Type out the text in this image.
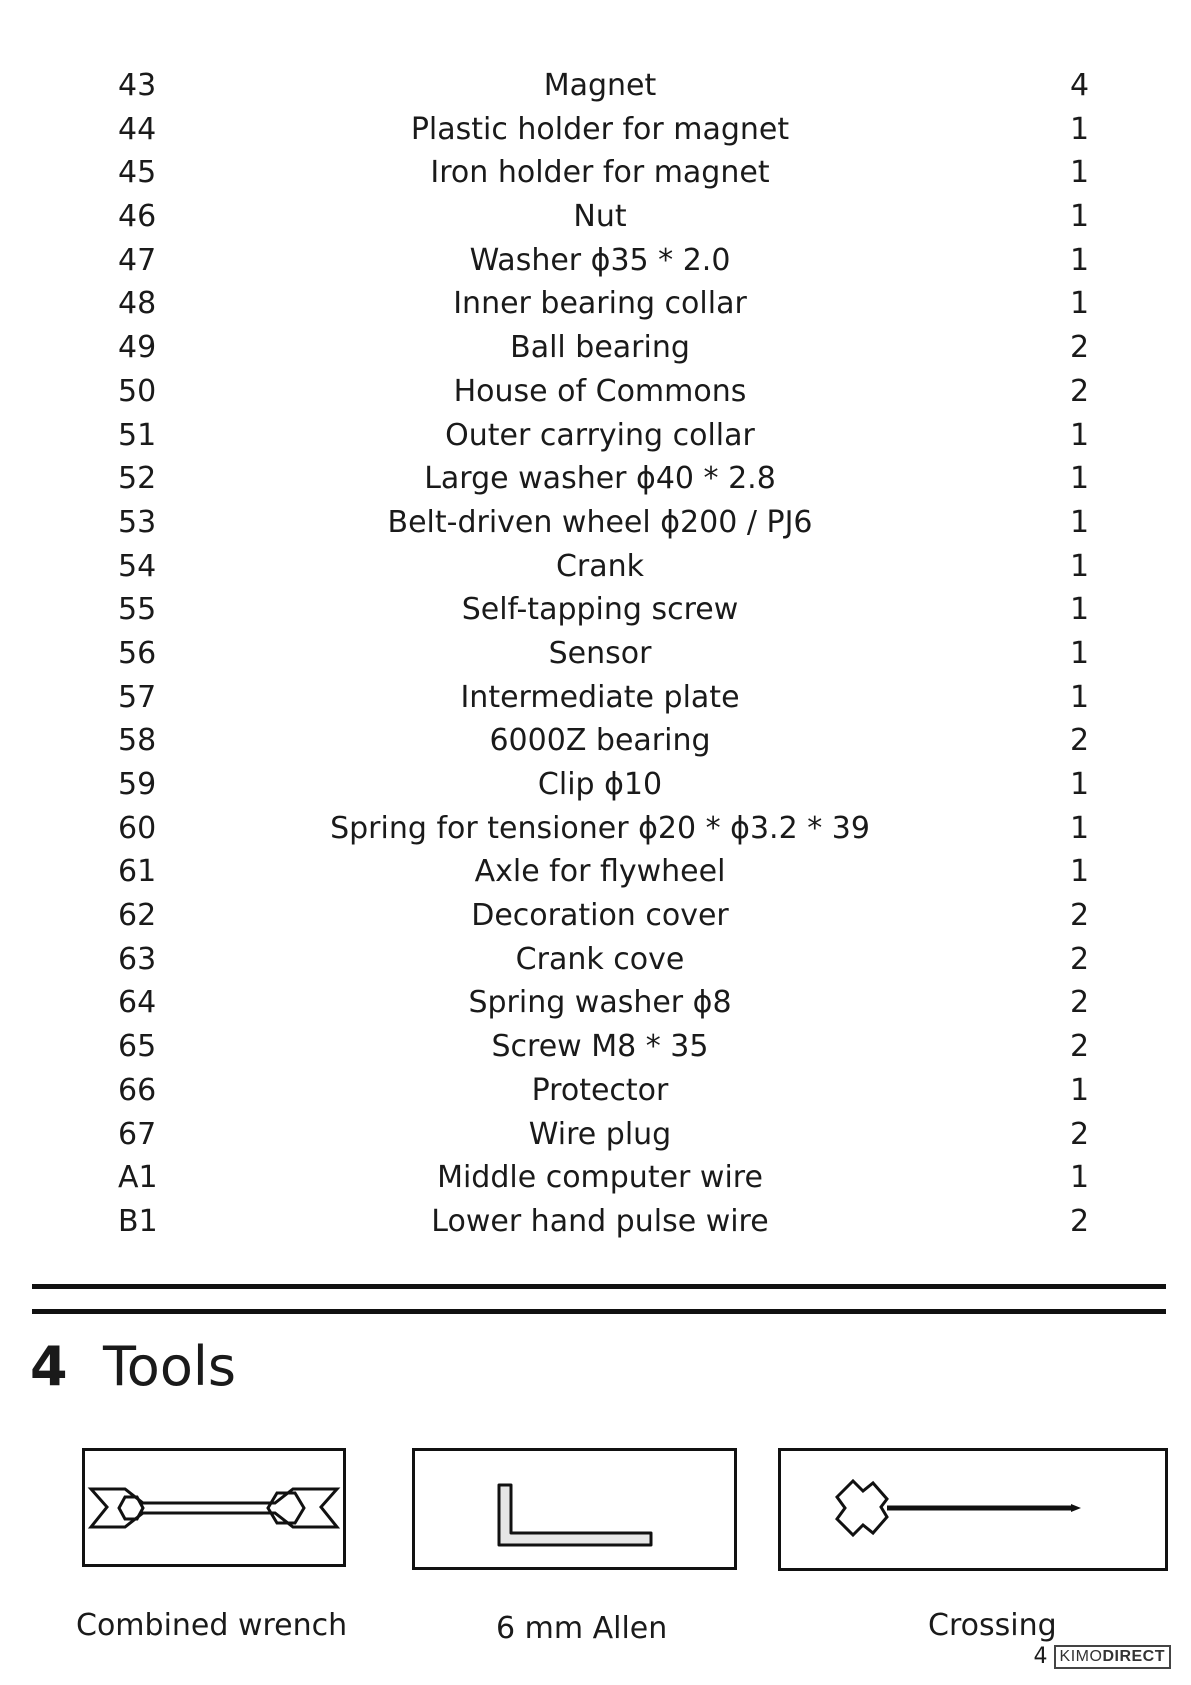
43	Magnet	4
44	Plastic holder for magnet	1
45	Iron holder for magnet	1
46	Nut	1
47	Washer ϕ35 * 2.0	1
48	Inner bearing collar	1
49	Ball bearing	2
50	House of Commons	2
51	Outer carrying collar	1
52	Large washer ϕ40 * 2.8	1
53	Belt-driven wheel ϕ200 / PJ6	1
54	Crank	1
55	Self-tapping screw	1
56	Sensor	1
57	Intermediate plate	1
58	6000Z bearing	2
59	Clip ϕ10	1
60	Spring for tensioner ϕ20 * ϕ3.2 * 39	1
61	Axle for flywheel	1
62	Decoration cover	2
63	Crank cove	2
64	Spring washer ϕ8	2
65	Screw M8 * 35	2
66	Protector	1
67	Wire plug	2
A1	Middle computer wire	1
B1	Lower hand pulse wire	2
4 Tools
Combined wrench	6 mm Allen	Crossing
4 KIMODIRECT
